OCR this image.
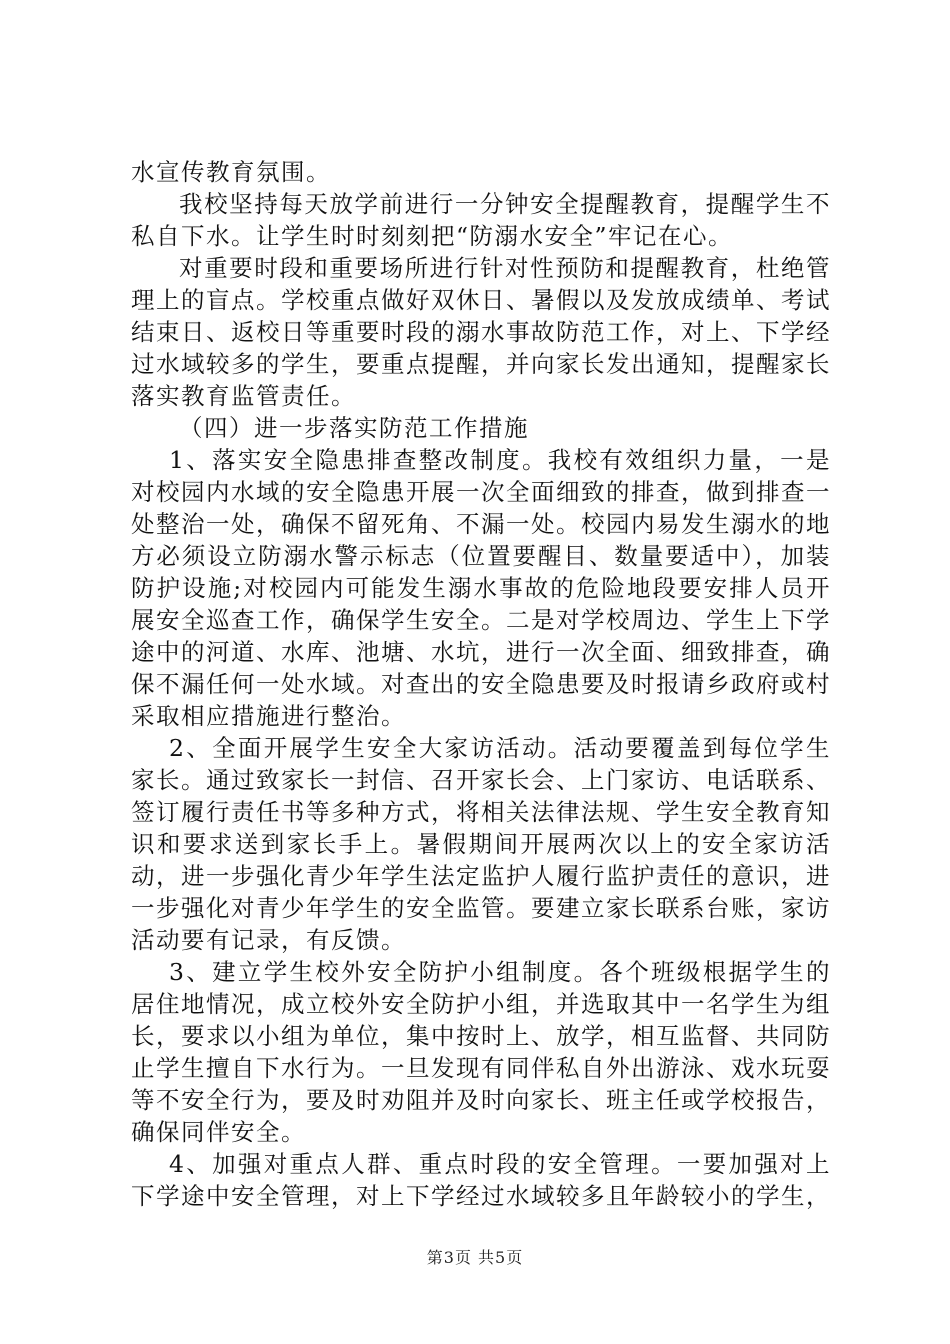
水宣传教育氛围。

我校坚持每天放学前进行一分钟安全提醒教育，提醒学生不私自下水。让学生时时刻刻把“防溺水安全”牢记在心。

对重要时段和重要场所进行针对性预防和提醒教育，杜绝管理上的盲点。学校重点做好双休日、暑假以及发放成绩单、考试结束日、返校日等重要时段的溺水事故防范工作，对上、下学经过水域较多的学生，要重点提醒，并向家长发出通知，提醒家长落实教育监管责任。

（四）进一步落实防范工作措施

1、落实安全隐患排查整改制度。我校有效组织力量，一是对校园内水域的安全隐患开展一次全面细致的排查，做到排查一处整治一处，确保不留死角、不漏一处。校园内易发生溺水的地方必须设立防溺水警示标志（位置要醒目、数量要适中），加装防护设施;对校园内可能发生溺水事故的危险地段要安排人员开展安全巡查工作，确保学生安全。二是对学校周边、学生上下学途中的河道、水库、池塘、水坑，进行一次全面、细致排查，确保不漏任何一处水域。对查出的安全隐患要及时报请乡政府或村采取相应措施进行整治。

2、全面开展学生安全大家访活动。活动要覆盖到每位学生家长。通过致家长一封信、召开家长会、上门家访、电话联系、签订履行责任书等多种方式，将相关法律法规、学生安全教育知识和要求送到家长手上。暑假期间开展两次以上的安全家访活动，进一步强化青少年学生法定监护人履行监护责任的意识，进一步强化对青少年学生的安全监管。要建立家长联系台账，家访活动要有记录，有反馈。

3、建立学生校外安全防护小组制度。各个班级根据学生的居住地情况，成立校外安全防护小组，并选取其中一名学生为组长，要求以小组为单位，集中按时上、放学，相互监督、共同防止学生擅自下水行为。一旦发现有同伴私自外出游泳、戏水玩耍等不安全行为，要及时劝阻并及时向家长、班主任或学校报告，确保同伴安全。

4、加强对重点人群、重点时段的安全管理。一要加强对上下学途中安全管理，对上下学经过水域较多且年龄较小的学生，

第3页 共5页
